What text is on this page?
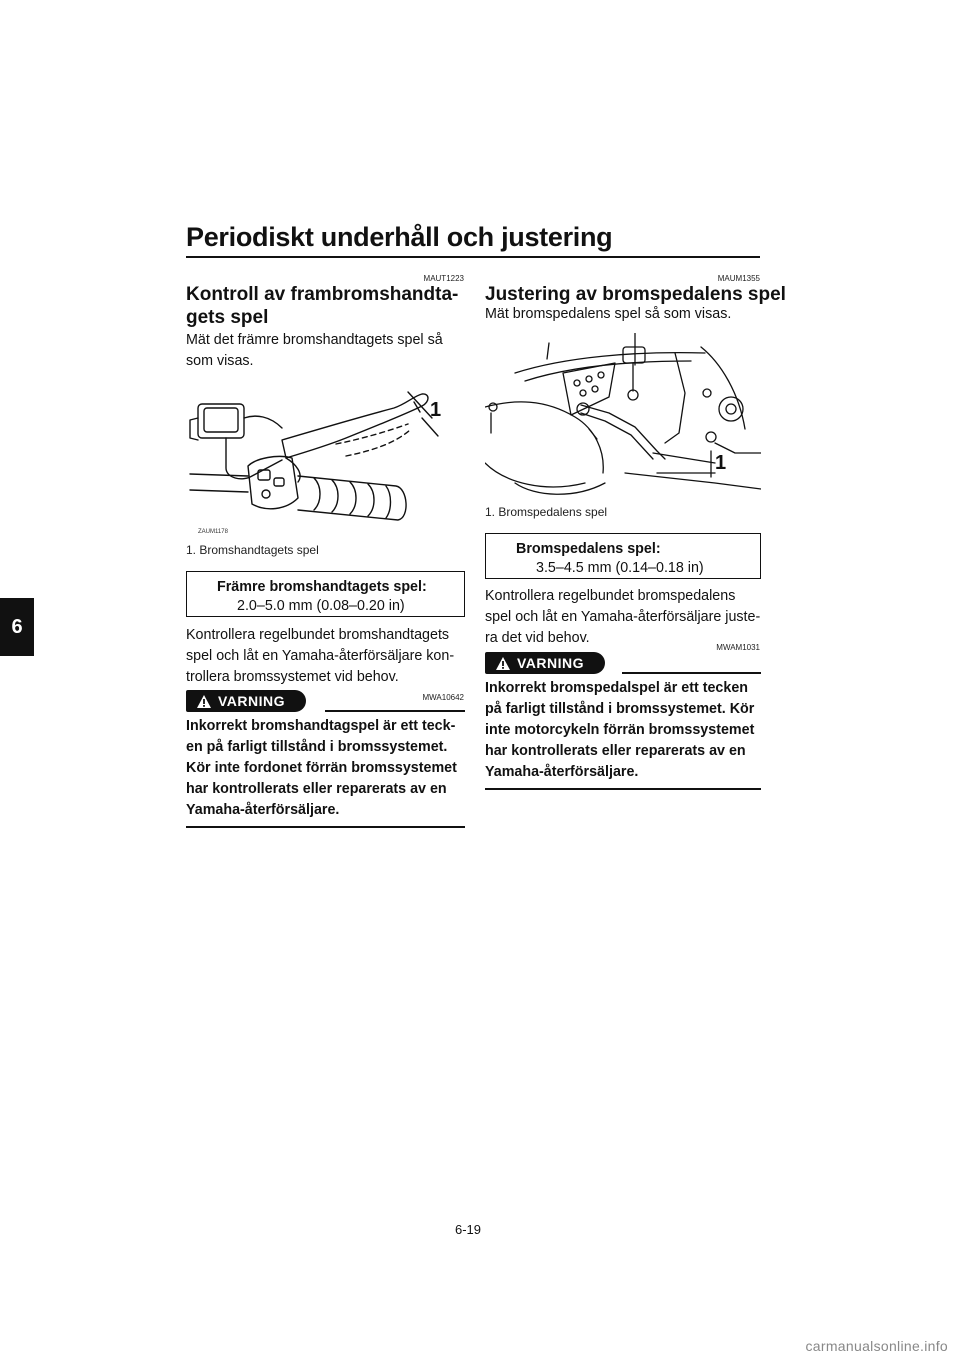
Periodiskt underhåll och justering
6
MAUT1223
Kontroll av frambromshandta-
gets spel
Mät det främre bromshandtagets spel så
som visas.
1
ZAUM1178
1. Bromshandtagets spel
Främre bromshandtagets spel:
2.0–5.0 mm (0.08–0.20 in)
Kontrollera regelbundet bromshandtagets
spel och låt en Yamaha-återförsäljare kon-
trollera bromssystemet vid behov.
MWA10642
VARNING
Inkorrekt bromshandtagspel är ett teck-
en på farligt tillstånd i bromssystemet.
Kör inte fordonet förrän bromssystemet
har kontrollerats eller reparerats av en
Yamaha-återförsäljare.
MAUM1355
Justering av bromspedalens spel
Mät bromspedalens spel så som visas.
1
1. Bromspedalens spel
Bromspedalens spel:
3.5–4.5 mm (0.14–0.18 in)
Kontrollera regelbundet bromspedalens
spel och låt en Yamaha-återförsäljare juste-
ra det vid behov.
MWAM1031
VARNING
Inkorrekt bromspedalspel är ett tecken
på farligt tillstånd i bromssystemet. Kör
inte motorcykeln förrän bromssystemet
har kontrollerats eller reparerats av en
Yamaha-återförsäljare.
6-19
carmanualsonline.info
